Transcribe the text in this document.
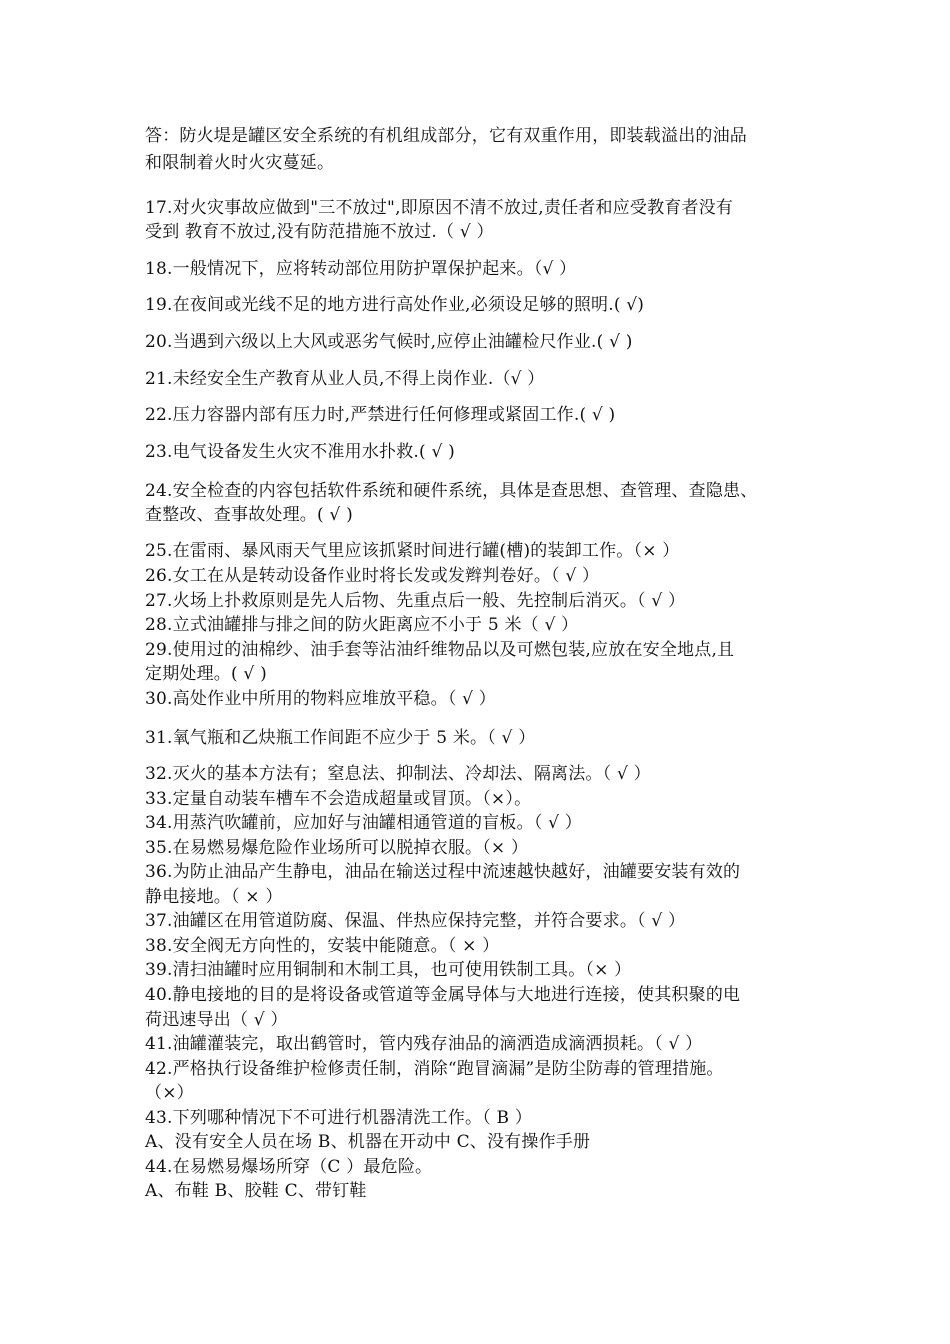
答：防火堤是罐区安全系统的有机组成部分，它有双重作用，即装载溢出的油品
和限制着火时火灾蔓延。
17.对火灾事故应做到"三不放过",即原因不清不放过,责任者和应受教育者没有
受到 教育不放过,没有防范措施不放过.（ √ ）
18.一般情况下，应将转动部位用防护罩保护起来。（√ ）
19.在夜间或光线不足的地方进行高处作业,必须设足够的照明.( √)
20.当遇到六级以上大风或恶劣气候时,应停止油罐检尺作业.( √ )
21.未经安全生产教育从业人员,不得上岗作业.（√ ）
22.压力容器内部有压力时,严禁进行任何修理或紧固工作.( √ )
23.电气设备发生火灾不准用水扑救.( √ )
24.安全检查的内容包括软件系统和硬件系统，具体是查思想、查管理、查隐患、
查整改、查事故处理。( √ )
25.在雷雨、暴风雨天气里应该抓紧时间进行罐(槽)的装卸工作。（× ）
26.女工在从是转动设备作业时将长发或发辫判卷好。（ √ ）
27.火场上扑救原则是先人后物、先重点后一般、先控制后消灭。（ √ ）
28.立式油罐排与排之间的防火距离应不小于 5 米（ √ ）
29.使用过的油棉纱、油手套等沾油纤维物品以及可燃包装,应放在安全地点,且
定期处理。( √ )
30.高处作业中所用的物料应堆放平稳。（ √ ）
31.氧气瓶和乙炔瓶工作间距不应少于 5 米。（ √ ）
32.灭火的基本方法有；窒息法、抑制法、冷却法、隔离法。（ √ ）
33.定量自动装车槽车不会造成超量或冒顶。（×）。
34.用蒸汽吹罐前，应加好与油罐相通管道的盲板。（ √ ）
35.在易燃易爆危险作业场所可以脱掉衣服。（× ）
36.为防止油品产生静电，油品在输送过程中流速越快越好，油罐要安装有效的
静电接地。（ × ）
37.油罐区在用管道防腐、保温、伴热应保持完整，并符合要求。（ √ ）
38.安全阀无方向性的，安装中能随意。（ × ）
39.清扫油罐时应用铜制和木制工具，也可使用铁制工具。（× ）
40.静电接地的目的是将设备或管道等金属导体与大地进行连接，使其积聚的电
荷迅速导出（ √ ）
41.油罐灌装完，取出鹤管时，管内残存油品的滴洒造成滴洒损耗。（ √ ）
42.严格执行设备维护检修责任制，消除“跑冒滴漏”是防尘防毒的管理措施。
（×）
43.下列哪种情况下不可进行机器清洗工作。（ B ）
A、没有安全人员在场 B、机器在开动中 C、没有操作手册
44.在易燃易爆场所穿（C ）最危险。
A、布鞋 B、胶鞋 C、带钉鞋
